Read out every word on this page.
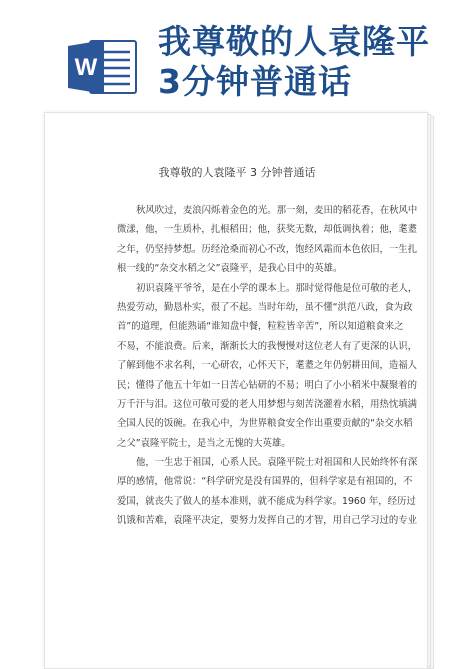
W
我尊敬的人袁隆平
3分钟普通话
我尊敬的人袁隆平 3 分钟普通话
秋风吹过，麦浪闪烁着金色的光。那一刻，麦田的稻花香，在秋风中
微漾，他，一生质朴，扎根稻田；他，获奖无数，却低调执着；他，耄耋
之年，仍坚持梦想。历经沧桑而初心不改，饱经风霜而本色依旧，一生扎
根一线的“杂交水稻之父”袁隆平，是我心目中的英雄。
初识袁隆平爷爷，是在小学的课本上。那时觉得他是位可敬的老人，
热爱劳动，勤恳朴实，很了不起。当时年幼，虽不懂“洪范八政，食为政
首”的道理，但能熟诵“谁知盘中餐，粒粒皆辛苦”，所以知道粮食来之
不易，不能浪费。后来，渐渐长大的我慢慢对这位老人有了更深的认识，
了解到他不求名利，一心研农，心怀天下，耄耋之年仍躬耕田间，造福人
民；懂得了他五十年如一日苦心钻研的不易；明白了小小稻米中凝聚着的
万千汗与泪。这位可敬可爱的老人用梦想与刻苦浇灌着水稻，用热忱填满
全国人民的饭碗。在我心中，为世界粮食安全作出重要贡献的“杂交水稻
之父”袁隆平院士，是当之无愧的大英雄。
他，一生忠于祖国，心系人民。袁隆平院士对祖国和人民始终怀有深
厚的感情，他常说：“科学研究是没有国界的，但科学家是有祖国的，不
爱国，就丧失了做人的基本准则，就不能成为科学家。1960 年，经历过
饥饿和苦难，袁隆平决定，要努力发挥自己的才智，用自己学习过的专业
